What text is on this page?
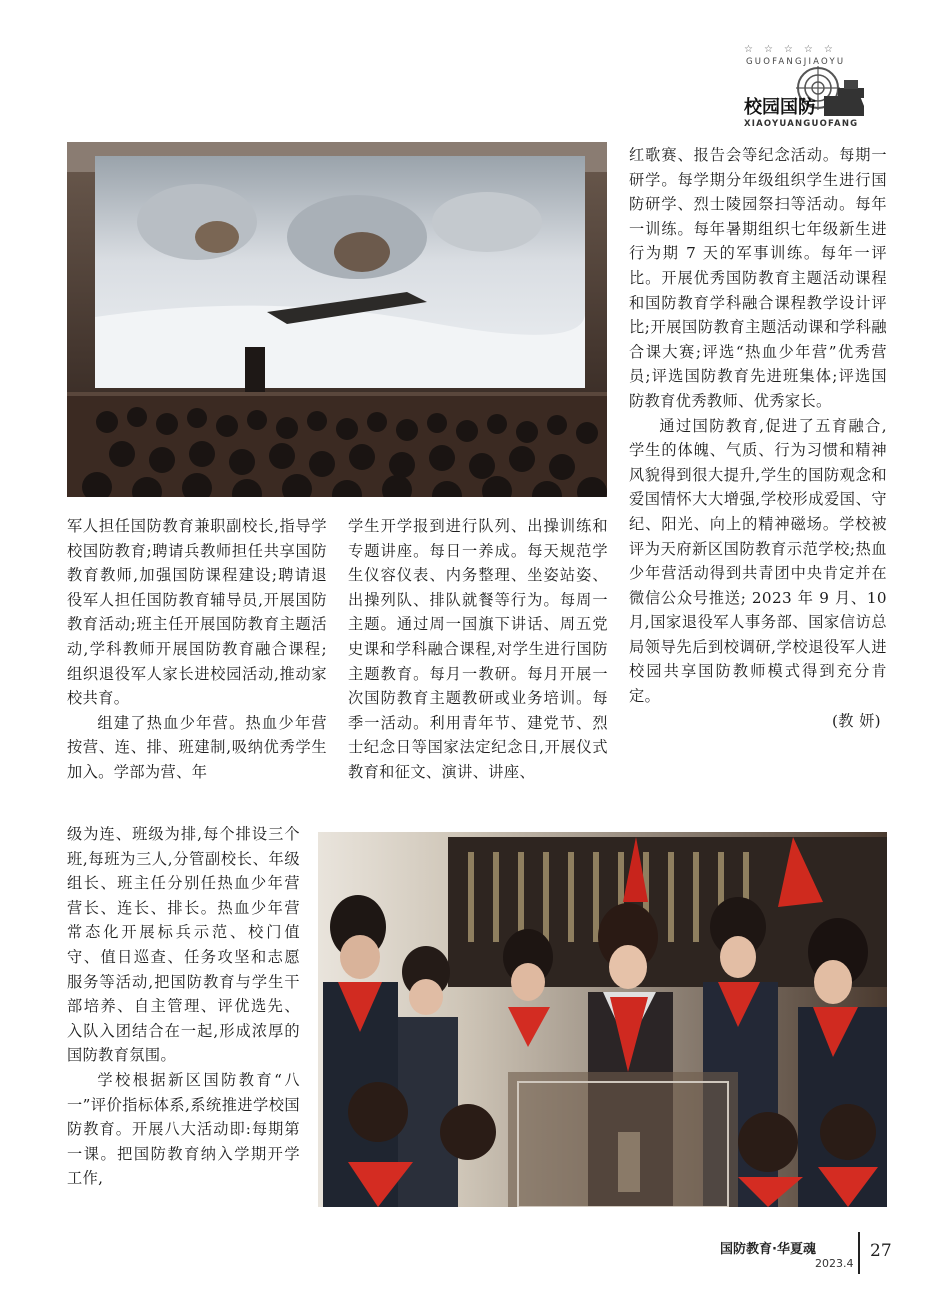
☆☆☆☆☆
GUOFANGJIAOYU
校园国防
XIAOYUANGUOFANG

红歌赛、报告会等纪念活动。每期一研学。每学期分年级组织学生进行国防研学、烈士陵园祭扫等活动。每年一训练。每年暑期组织七年级新生进行为期 7 天的军事训练。每年一评比。开展优秀国防教育主题活动课程和国防教育学科融合课程教学设计评比;开展国防教育主题活动课和学科融合课大赛;评选“热血少年营”优秀营员;评选国防教育先进班集体;评选国防教育优秀教师、优秀家长。

通过国防教育,促进了五育融合,学生的体魄、气质、行为习惯和精神风貌得到很大提升,学生的国防观念和爱国情怀大大增强,学校形成爱国、守纪、阳光、向上的精神磁场。学校被评为天府新区国防教育示范学校;热血少年营活动得到共青团中央肯定并在微信公众号推送; 2023 年 9 月、10 月,国家退役军人事务部、国家信访总局领导先后到校调研,学校退役军人进校园共享国防教师模式得到充分肯定。

(教 妍)

军人担任国防教育兼职副校长,指导学校国防教育;聘请兵教师担任共享国防教育教师,加强国防课程建设;聘请退役军人担任国防教育辅导员,开展国防教育活动;班主任开展国防教育主题活动,学科教师开展国防教育融合课程;组织退役军人家长进校园活动,推动家校共育。

组建了热血少年营。热血少年营按营、连、排、班建制,吸纳优秀学生加入。学部为营、年

级为连、班级为排,每个排设三个班,每班为三人,分管副校长、年级组长、班主任分别任热血少年营营长、连长、排长。热血少年营常态化开展标兵示范、校门值守、值日巡查、任务攻坚和志愿服务等活动,把国防教育与学生干部培养、自主管理、评优选先、入队入团结合在一起,形成浓厚的国防教育氛围。

学校根据新区国防教育“八一”评价指标体系,系统推进学校国防教育。开展八大活动即:每期第一课。把国防教育纳入学期开学工作,

学生开学报到进行队列、出操训练和专题讲座。每日一养成。每天规范学生仪容仪表、内务整理、坐姿站姿、出操列队、排队就餐等行为。每周一主题。通过周一国旗下讲话、周五党史课和学科融合课程,对学生进行国防主题教育。每月一教研。每月开展一次国防教育主题教研或业务培训。每季一活动。利用青年节、建党节、烈士纪念日等国家法定纪念日,开展仪式教育和征文、演讲、讲座、

国防教育·华夏魂
2023.4
27
